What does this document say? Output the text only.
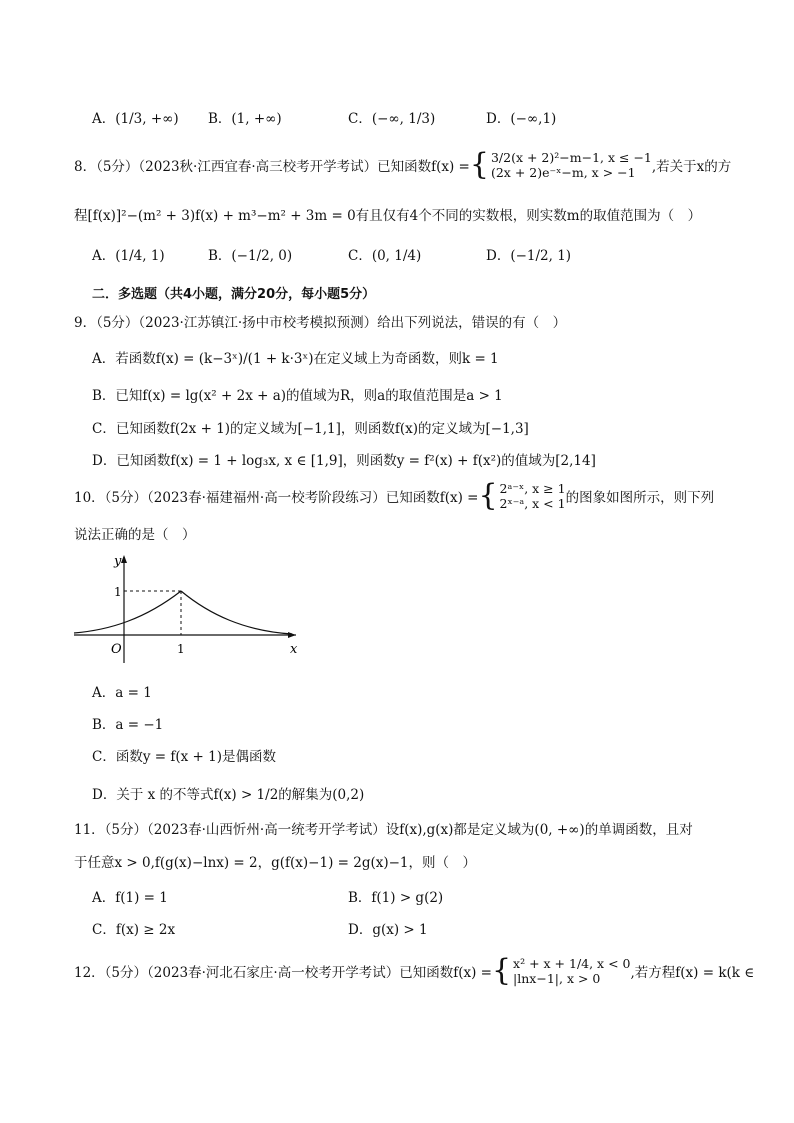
A．(1/3, +∞) B．(1, +∞)	C．(−∞, 1/3)	D．(−∞,1)
8．（5分）（2023秋·江西宜春·高三校考开学考试）已知函数f(x) = { 3/2(x + 2)²−m−1, x ≤ −1
(2x + 2)e⁻ˣ−m, x > −1	,若关于x的方
程[f(x)]²−(m² + 3)f(x) + m³−m² + 3m = 0有且仅有4个不同的实数根，则实数m的取值范围为（　）
A．(1/4, 1)	B．(−1/2, 0)	C．(0, 1/4)	D．(−1/2, 1)
二．多选题（共4小题，满分20分，每小题5分）
9．（5分）（2023·江苏镇江·扬中市校考模拟预测）给出下列说法，错误的有（　）
A．若函数f(x) = (k−3ˣ)/(1 + k·3ˣ)在定义域上为奇函数，则k = 1
B．已知f(x) = lg(x² + 2x + a)的值域为R，则a的取值范围是a > 1
C．已知函数f(2x + 1)的定义域为[−1,1]，则函数f(x)的定义域为[−1,3]
D．已知函数f(x) = 1 + log₃x, x ∈ [1,9]，则函数y = f²(x) + f(x²)的值域为[2,14]
10．（5分）（2023春·福建福州·高一校考阶段练习）已知函数f(x) = { 2ᵃ⁻ˣ, x ≥ 1
2ˣ⁻ᵃ, x < 1 的图象如图所示，则下列
说法正确的是（　）
y
x
O	1
1
A．a = 1
B．a = −1
C．函数y = f(x + 1)是偶函数
D．关于 x 的不等式f(x) > 1/2的解集为(0,2)
11．（5分）（2023春·山西忻州·高一统考开学考试）设f(x),g(x)都是定义域为(0, +∞)的单调函数，且对
于任意x > 0,f(g(x)−lnx) = 2，g(f(x)−1) = 2g(x)−1，则（　）
A．f(1) = 1	B．f(1) > g(2)
C．f(x) ≥ 2x	D．g(x) > 1
12．（5分）（2023春·河北石家庄·高一校考开学考试）已知函数f(x) = { x² + x + 1/4, x < 0
|lnx−1|, x > 0	,若方程f(x) = k(k ∈
